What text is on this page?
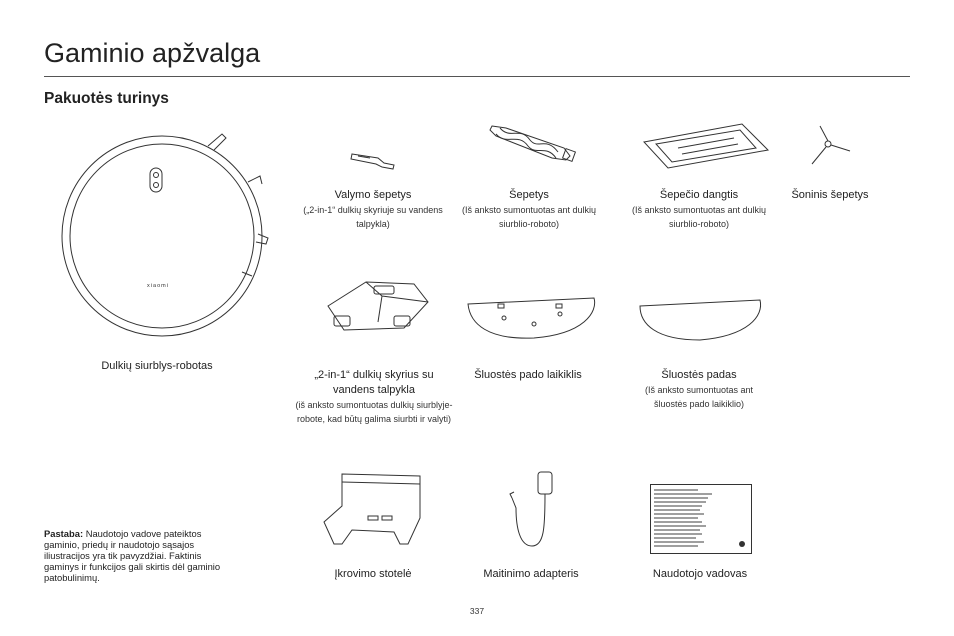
Gaminio apžvalga
Pakuotės turinys
xiaomi
Dulkių siurblys-robotas
Valymo šepetys
(„2-in-1“ dulkių skyriuje su vandens talpykla)
Šepetys
(Iš anksto sumontuotas ant dulkių siurblio-roboto)
Šepečio dangtis
(Iš anksto sumontuotas ant dulkių siurblio-roboto)
Šoninis šepetys
„2-in-1“ dulkių skyrius su vandens talpykla
(iš anksto sumontuotas dulkių siurblyje-robote, kad būtų galima siurbti ir valyti)
Šluostės pado laikiklis	Šluostės padas
(Iš anksto sumontuotas ant šluostės pado laikiklio)
Įkrovimo stotelė	Maitinimo adapteris	Naudotojo vadovas
Pastaba: Naudotojo vadove pateiktos gaminio, priedų ir naudotojo sąsajos iliustracijos yra tik pavyzdžiai. Faktinis gaminys ir funkcijos gali skirtis dėl gaminio patobulinimų.
337
